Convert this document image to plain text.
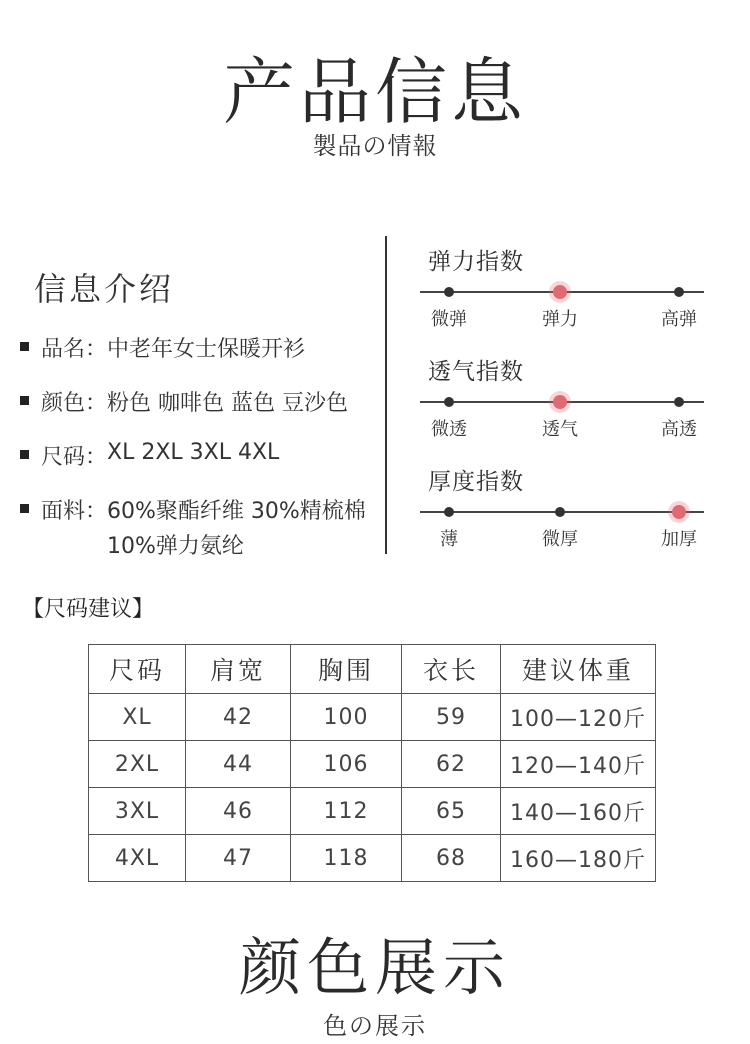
产品信息
製品の情報
信息介绍
品名： 中老年女士保暖开衫
颜色： 粉色 咖啡色 蓝色 豆沙色
尺码： XL 2XL 3XL 4XL
面料： 60%聚酯纤维 30%精梳棉
10%弹力氨纶
弹力指数
微弹	弹力	高弹
透气指数
微透	透气	高透
厚度指数
薄	微厚	加厚
【尺码建议】
尺码	肩宽	胸围	衣长	建议体重
XL	42	100	59	100—120斤
2XL	44	106	62	120—140斤
3XL	46	112	65	140—160斤
4XL	47	118	68	160—180斤
颜色展示
色の展示
